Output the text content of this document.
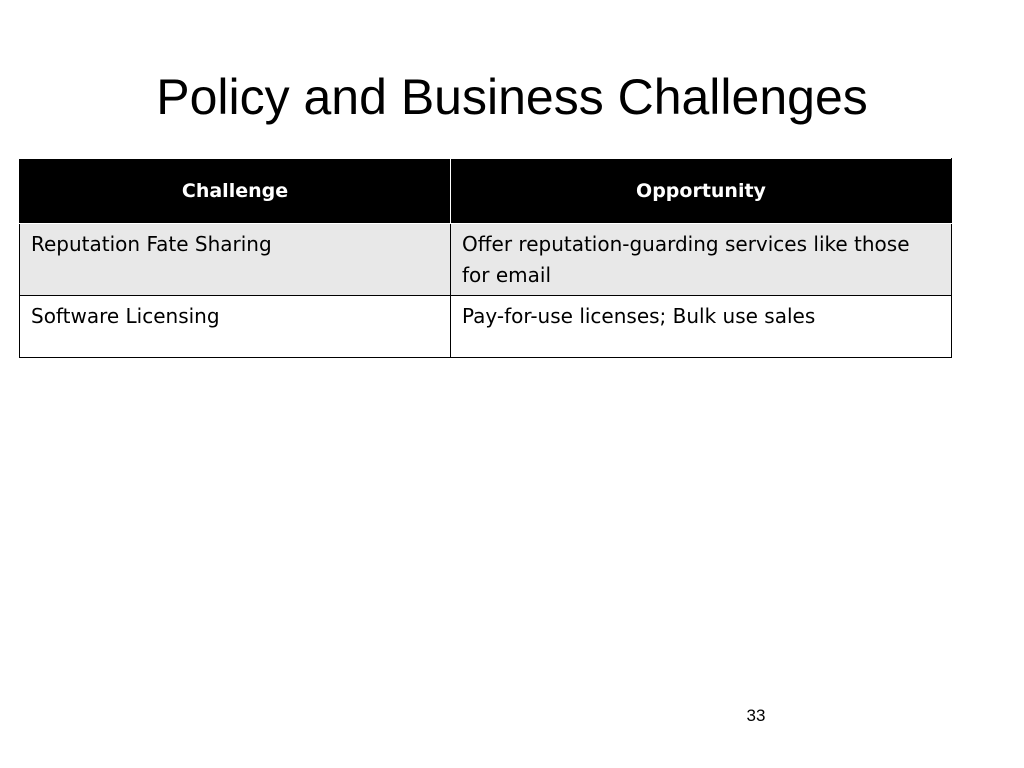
Policy and Business Challenges
Challenge	Opportunity
Reputation Fate Sharing	Offer reputation-guarding services like those for email
Software Licensing	Pay-for-use licenses; Bulk use sales
33
